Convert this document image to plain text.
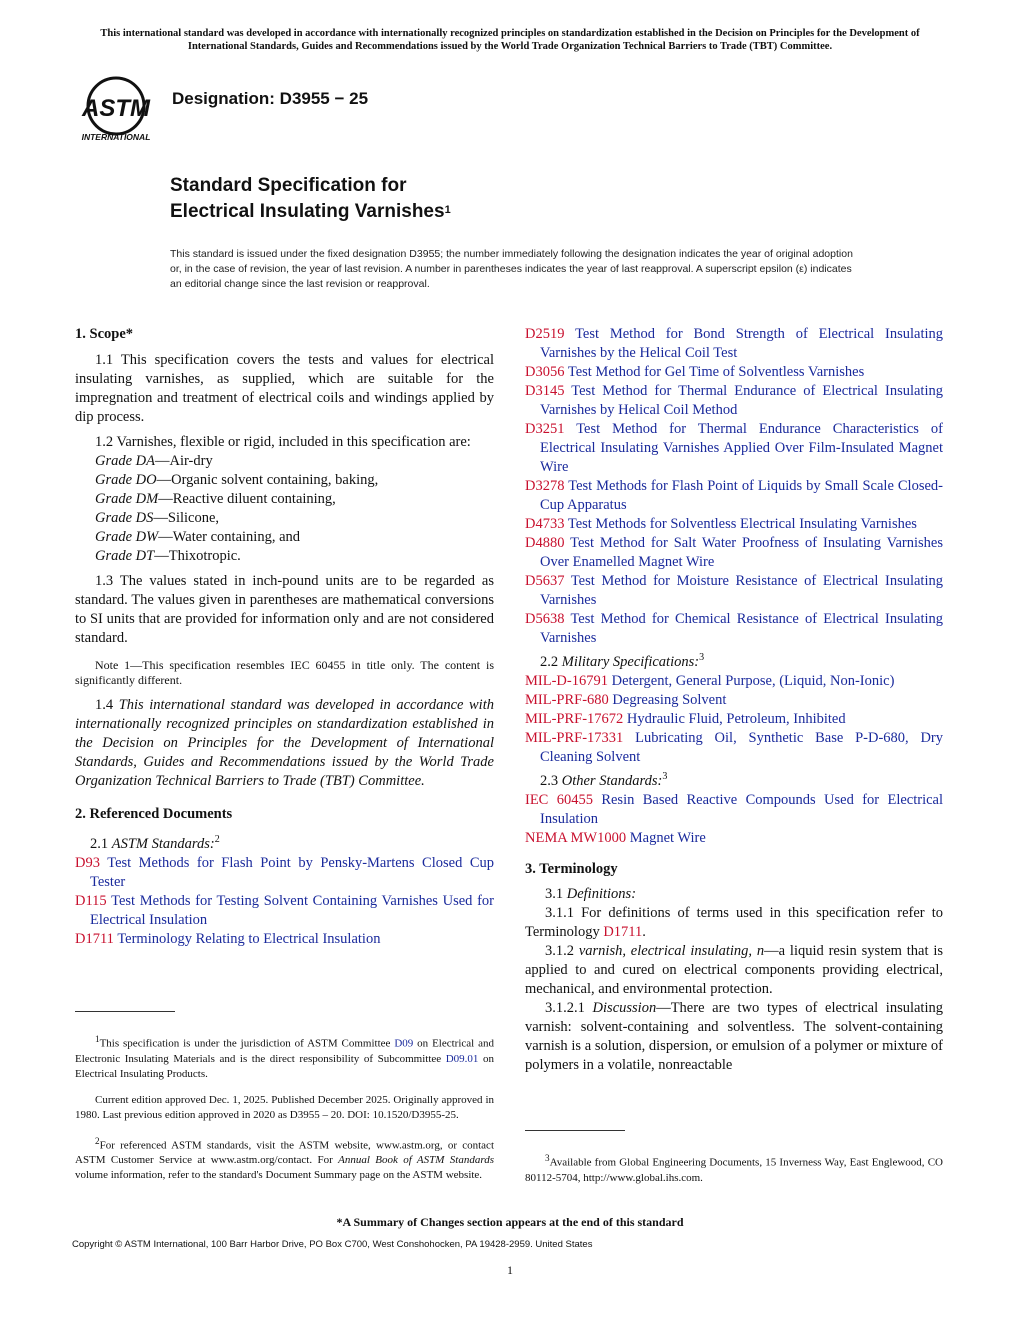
This international standard was developed in accordance with internationally recognized principles on standardization established in the Decision on Principles for the Development of International Standards, Guides and Recommendations issued by the World Trade Organization Technical Barriers to Trade (TBT) Committee.
ASTM
INTERNATIONAL
Designation: D3955 − 25
Standard Specification for
Electrical Insulating Varnishes$^1$
This standard is issued under the fixed designation D3955; the number immediately following the designation indicates the year of original adoption or, in the case of revision, the year of last revision. A number in parentheses indicates the year of last reapproval. A superscript epsilon (ε) indicates an editorial change since the last revision or reapproval.
1. Scope*

1.1 This specification covers the tests and values for electrical insulating varnishes, as supplied, which are suitable for the impregnation and treatment of electrical coils and windings applied by dip process.

1.2 Varnishes, flexible or rigid, included in this specification are:

Grade DA—Air-dry
Grade DO—Organic solvent containing, baking,
Grade DM—Reactive diluent containing,
Grade DS—Silicone,
Grade DW—Water containing, and
Grade DT—Thixotropic.

1.3 The values stated in inch-pound units are to be regarded as standard. The values given in parentheses are mathematical conversions to SI units that are provided for information only and are not considered standard.

Note 1—This specification resembles IEC 60455 in title only. The content is significantly different.

1.4 This international standard was developed in accordance with internationally recognized principles on standardization established in the Decision on Principles for the Development of International Standards, Guides and Recommendations issued by the World Trade Organization Technical Barriers to Trade (TBT) Committee.

2. Referenced Documents
2.1 ASTM Standards:$^2$
D93 Test Methods for Flash Point by Pensky-Martens Closed Cup Tester
D115 Test Methods for Testing Solvent Containing Varnishes Used for Electrical Insulation
D1711 Terminology Relating to Electrical Insulation

$^1$This specification is under the jurisdiction of ASTM Committee D09 on Electrical and Electronic Insulating Materials and is the direct responsibility of Subcommittee D09.01 on Electrical Insulating Products.

Current edition approved Dec. 1, 2025. Published December 2025. Originally approved in 1980. Last previous edition approved in 2020 as D3955 – 20. DOI: 10.1520/D3955-25.

$^2$For referenced ASTM standards, visit the ASTM website, www.astm.org, or contact ASTM Customer Service at www.astm.org/contact. For Annual Book of ASTM Standards volume information, refer to the standard's Document Summary page on the ASTM website.

D2519 Test Method for Bond Strength of Electrical Insulating Varnishes by the Helical Coil Test
D3056 Test Method for Gel Time of Solventless Varnishes
D3145 Test Method for Thermal Endurance of Electrical Insulating Varnishes by Helical Coil Method
D3251 Test Method for Thermal Endurance Characteristics of Electrical Insulating Varnishes Applied Over Film-Insulated Magnet Wire
D3278 Test Methods for Flash Point of Liquids by Small Scale Closed-Cup Apparatus
D4733 Test Methods for Solventless Electrical Insulating Varnishes
D4880 Test Method for Salt Water Proofness of Insulating Varnishes Over Enamelled Magnet Wire
D5637 Test Method for Moisture Resistance of Electrical Insulating Varnishes
D5638 Test Method for Chemical Resistance of Electrical Insulating Varnishes
2.2 Military Specifications:$^3$
MIL-D-16791 Detergent, General Purpose, (Liquid, Non-Ionic)
MIL-PRF-680 Degreasing Solvent
MIL-PRF-17672 Hydraulic Fluid, Petroleum, Inhibited
MIL-PRF-17331 Lubricating Oil, Synthetic Base P-D-680, Dry Cleaning Solvent
2.3 Other Standards:$^3$
IEC 60455 Resin Based Reactive Compounds Used for Electrical Insulation
NEMA MW1000 Magnet Wire
3. Terminology

3.1 Definitions:

3.1.1 For definitions of terms used in this specification refer to Terminology D1711.

3.1.2 varnish, electrical insulating, n—a liquid resin system that is applied to and cured on electrical components providing electrical, mechanical, and environmental protection.

3.1.2.1 Discussion—There are two types of electrical insulating varnish: solvent-containing and solventless. The solvent-containing varnish is a solution, dispersion, or emulsion of a polymer or mixture of polymers in a volatile, nonreactable

$^3$Available from Global Engineering Documents, 15 Inverness Way, East Englewood, CO 80112-5704, http://www.global.ihs.com.

*A Summary of Changes section appears at the end of this standard
Copyright © ASTM International, 100 Barr Harbor Drive, PO Box C700, West Conshohocken, PA 19428-2959. United States
1
